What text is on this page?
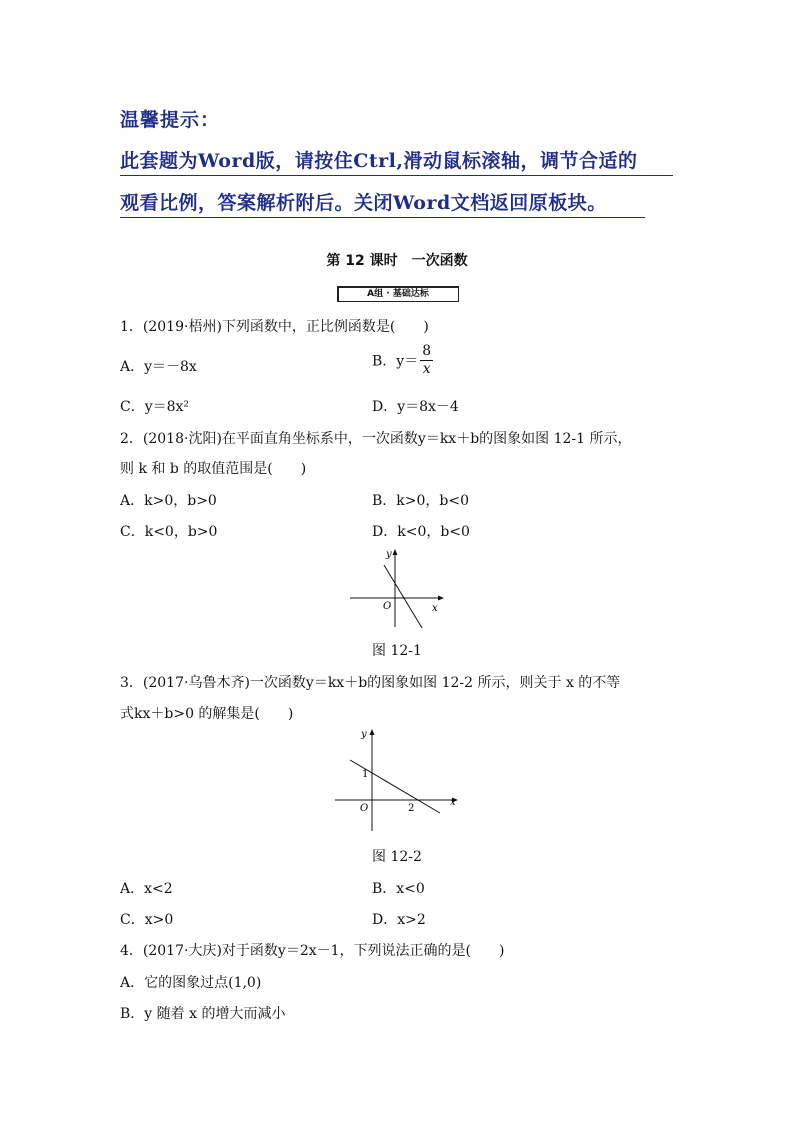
温馨提示：
此套题为Word版，请按住Ctrl,滑动鼠标滚轴，调节合适的
观看比例，答案解析附后。关闭Word文档返回原板块。
第 12 课时　一次函数
A组 · 基础达标
1．(2019·梧州)下列函数中，正比例函数是(　　)
A．y＝－8x	B．$y= \frac{8}{x}$
C．y＝8x²	D．y＝8x－4
2．(2018·沈阳)在平面直角坐标系中，一次函数y＝kx＋b的图象如图 12-1 所示，
则 k 和 b 的取值范围是(　　)
A．k>0，b>0	B．k>0，b<0
C．k<0，b>0	D．k<0，b<0
y
x
O
图 12-1
3．(2017·乌鲁木齐)一次函数y＝kx＋b的图象如图 12-2 所示，则关于 x 的不等
式kx＋b>0 的解集是(　　)
y
x
O
1
2
图 12-2
A．x<2	B．x<0
C．x>0	D．x>2
4．(2017·大庆)对于函数y＝2x－1，下列说法正确的是(　　)
A．它的图象过点(1,0)
B．y 随着 x 的增大而减小
